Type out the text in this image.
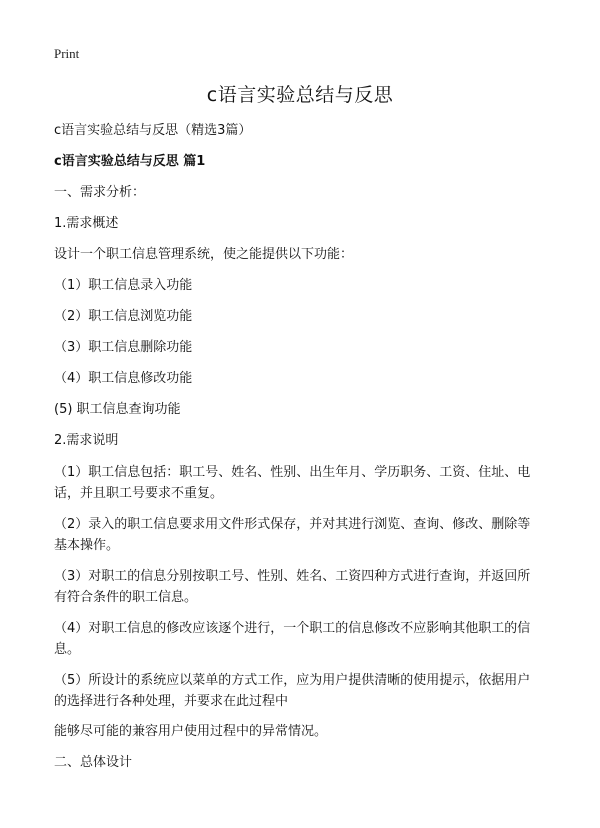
Print
c语言实验总结与反思

c语言实验总结与反思（精选3篇）

c语言实验总结与反思 篇1

一、需求分析：

1.需求概述

设计一个职工信息管理系统，使之能提供以下功能：

（1）职工信息录入功能

（2）职工信息浏览功能

（3）职工信息删除功能

（4）职工信息修改功能

(5) 职工信息查询功能

2.需求说明

（1）职工信息包括：职工号、姓名、性别、出生年月、学历职务、工资、住址、电话，并且职工号要求不重复。

（2）录入的职工信息要求用文件形式保存，并对其进行浏览、查询、修改、删除等基本操作。

（3）对职工的信息分别按职工号、性别、姓名、工资四种方式进行查询，并返回所有符合条件的职工信息。

（4）对职工信息的修改应该逐个进行，一个职工的信息修改不应影响其他职工的信息。

（5）所设计的系统应以菜单的方式工作，应为用户提供清晰的使用提示，依据用户的选择进行各种处理，并要求在此过程中

能够尽可能的兼容用户使用过程中的异常情况。

二、总体设计
